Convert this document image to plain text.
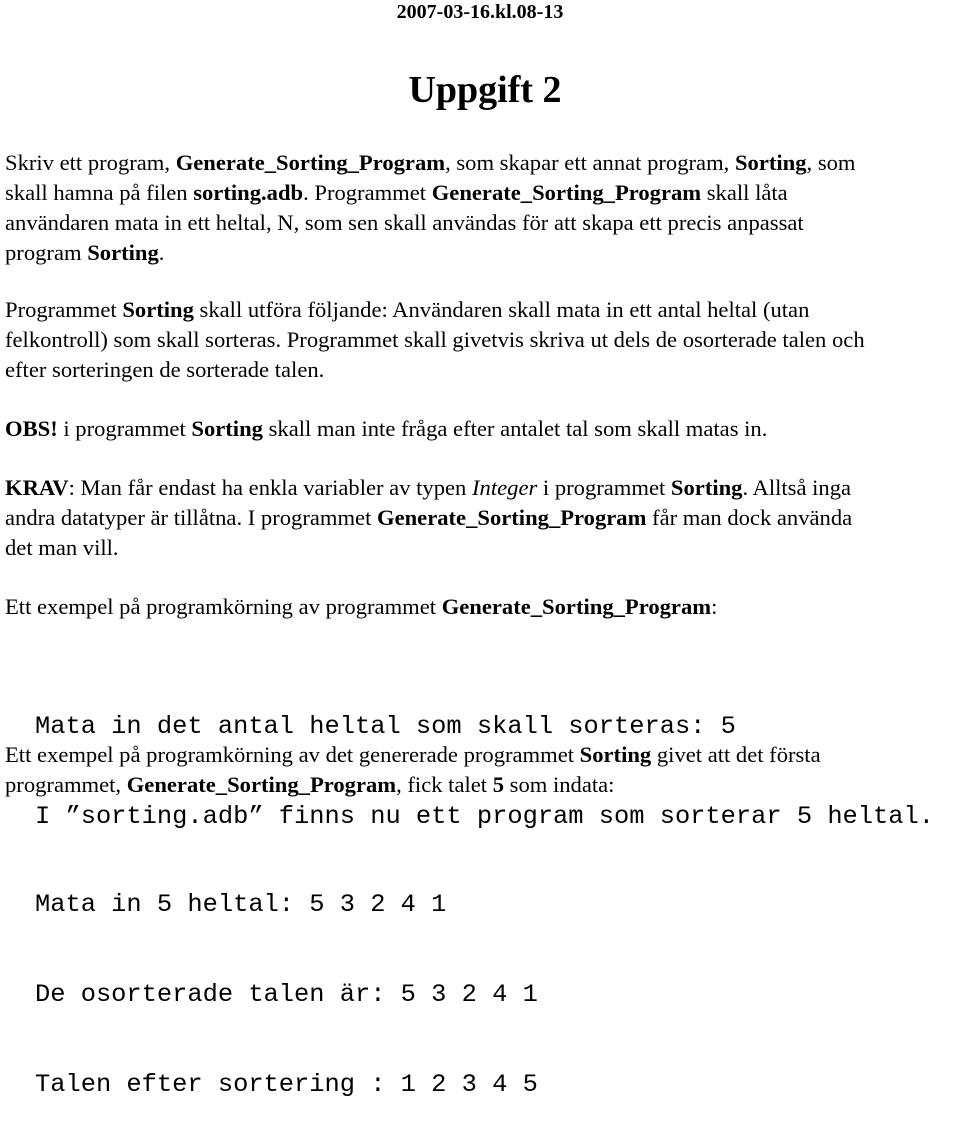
2007-03-16.kl.08-13
Uppgift 2

Skriv ett program, Generate_Sorting_Program, som skapar ett annat program, Sorting, som
skall hamna på filen sorting.adb. Programmet Generate_Sorting_Program skall låta
användaren mata in ett heltal, N, som sen skall användas för att skapa ett precis anpassat
program Sorting.

Programmet Sorting skall utföra följande: Användaren skall mata in ett antal heltal (utan
felkontroll) som skall sorteras. Programmet skall givetvis skriva ut dels de osorterade talen och
efter sorteringen de sorterade talen.

OBS! i programmet Sorting skall man inte fråga efter antalet tal som skall matas in.

KRAV: Man får endast ha enkla variabler av typen Integer i programmet Sorting. Alltså inga
andra datatyper är tillåtna. I programmet Generate_Sorting_Program får man dock använda
det man vill.

Ett exempel på programkörning av programmet Generate_Sorting_Program:

Mata in det antal heltal som skall sorteras: 5

I ”sorting.adb” finns nu ett program som sorterar 5 heltal.

Ett exempel på programkörning av det genererade programmet Sorting givet att det första
programmet, Generate_Sorting_Program, fick talet 5 som indata:

Mata in 5 heltal: 5 3 2 4 1

De osorterade talen är: 5 3 2 4 1

Talen efter sortering : 1 2 3 4 5
